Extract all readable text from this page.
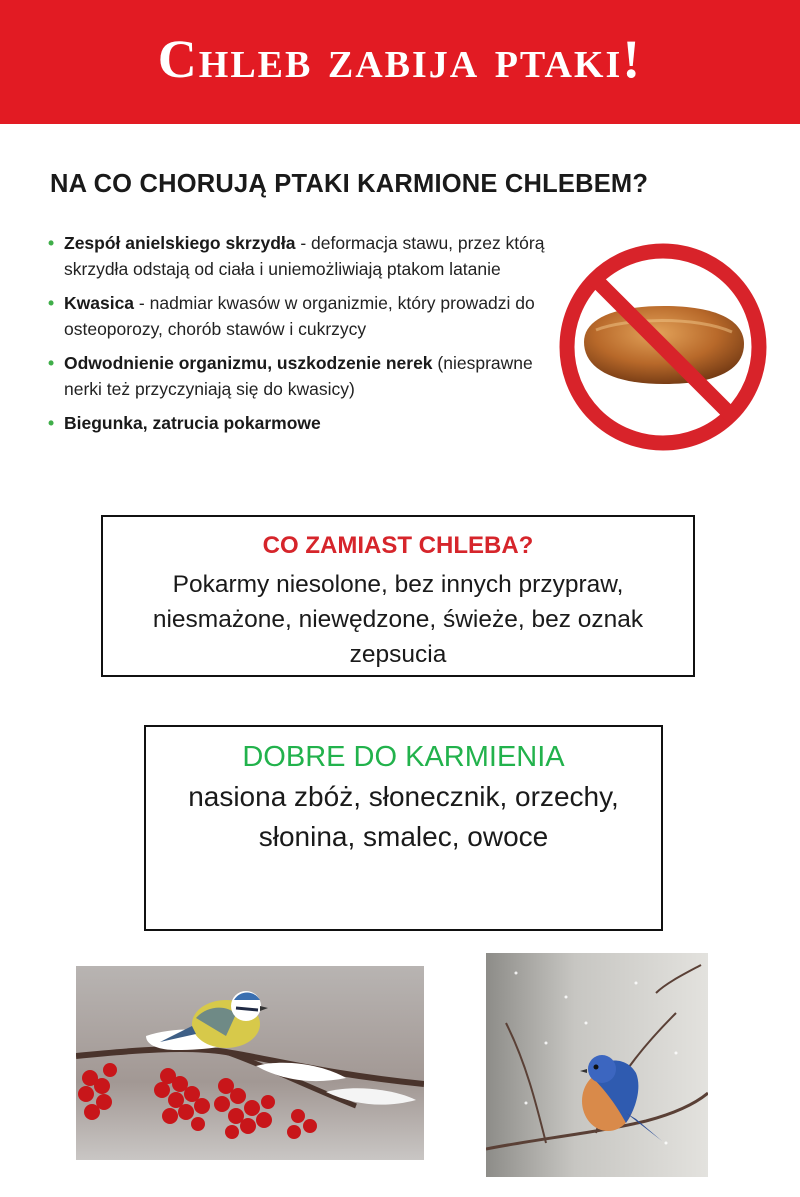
Chleb zabija ptaki!
NA CO CHORUJĄ PTAKI KARMIONE CHLEBEM?
• Zespół anielskiego skrzydła - deformacja stawu, przez którą skrzydła odstają od ciała i uniemożliwiają ptakom latanie
• Kwasica - nadmiar kwasów w organizmie, który prowadzi do osteoporozy, chorób stawów i cukrzycy
• Odwodnienie organizmu, uszkodzenie nerek (niesprawne nerki też przyczyniają się do kwasicy)
• Biegunka, zatrucia pokarmowe
CO ZAMIAST CHLEBA?
Pokarmy niesolone, bez innych przypraw, niesmażone, niewędzone, świeże, bez oznak zepsucia
DOBRE DO KARMIENIA
nasiona zbóż, słonecznik, orzechy, słonina, smalec, owoce
